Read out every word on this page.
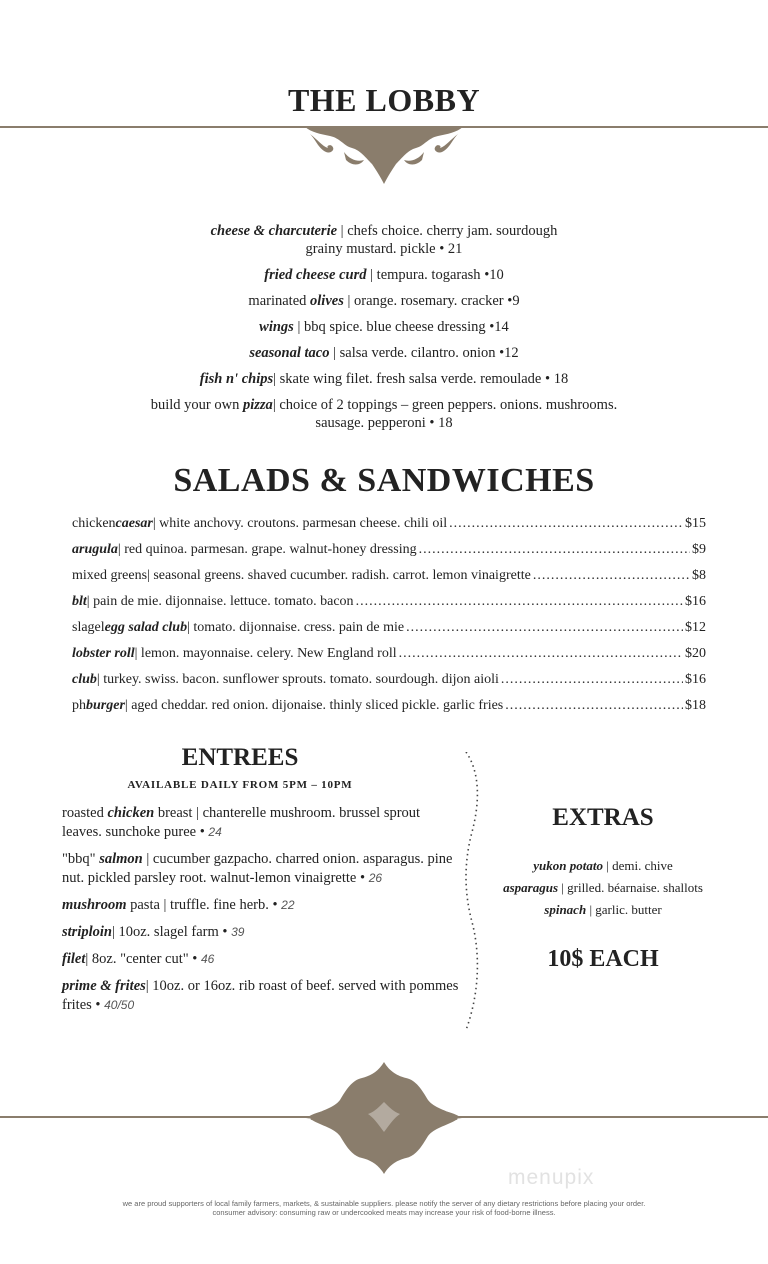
THE LOBBY
cheese & charcuterie | chefs choice. cherry jam. sourdough
grainy mustard. pickle • 21
fried cheese curd | tempura. togarash •10
marinated olives | orange. rosemary. cracker •9
wings | bbq spice. blue cheese dressing •14
seasonal taco | salsa verde. cilantro. onion •12
fish n' chips| skate wing filet. fresh salsa verde. remoulade • 18
build your own pizza| choice of 2 toppings – green peppers. onions. mushrooms.
sausage. pepperoni • 18
SALADS & SANDWICHES
chicken caesar | white anchovy. croutons. parmesan cheese. chili oil .....	$15
arugula | red quinoa. parmesan. grape. walnut-honey dressing .....	$9
mixed greens | seasonal greens. shaved cucumber. radish. carrot. lemon vinaigrette .....	$8
blt | pain de mie. dijonnaise. lettuce. tomato. bacon .....	$16
slagel egg salad club | tomato. dijonnaise. cress. pain de mie .....	$12
lobster roll | lemon. mayonnaise. celery. New England roll .....	$20
club | turkey. swiss. bacon. sunflower sprouts. tomato. sourdough. dijon aioli .....	$16
ph burger | aged cheddar. red onion. dijonaise. thinly sliced pickle. garlic fries .....	$18
ENTREES
AVAILABLE DAILY FROM 5PM – 10PM
roasted chicken breast | chanterelle mushroom. brussel sprout leaves. sunchoke puree • 24
"bbq" salmon | cucumber gazpacho. charred onion. asparagus. pine nut. pickled parsley root. walnut-lemon vinaigrette • 26
mushroom pasta | truffle. fine herb. • 22
striploin| 10oz. slagel farm • 39
filet| 8oz. "center cut" • 46
prime & frites| 10oz. or 16oz. rib roast of beef. served with pommes frites • 40/50
EXTRAS
yukon potato | demi. chive
asparagus | grilled. béarnaise. shallots
spinach | garlic. butter
10$ EACH
menupix
we are proud supporters of local family farmers, markets, & sustainable suppliers. please notify the server of any dietary restrictions before placing your order.
consumer advisory: consuming raw or undercooked meats may increase your risk of food-borne illness.
